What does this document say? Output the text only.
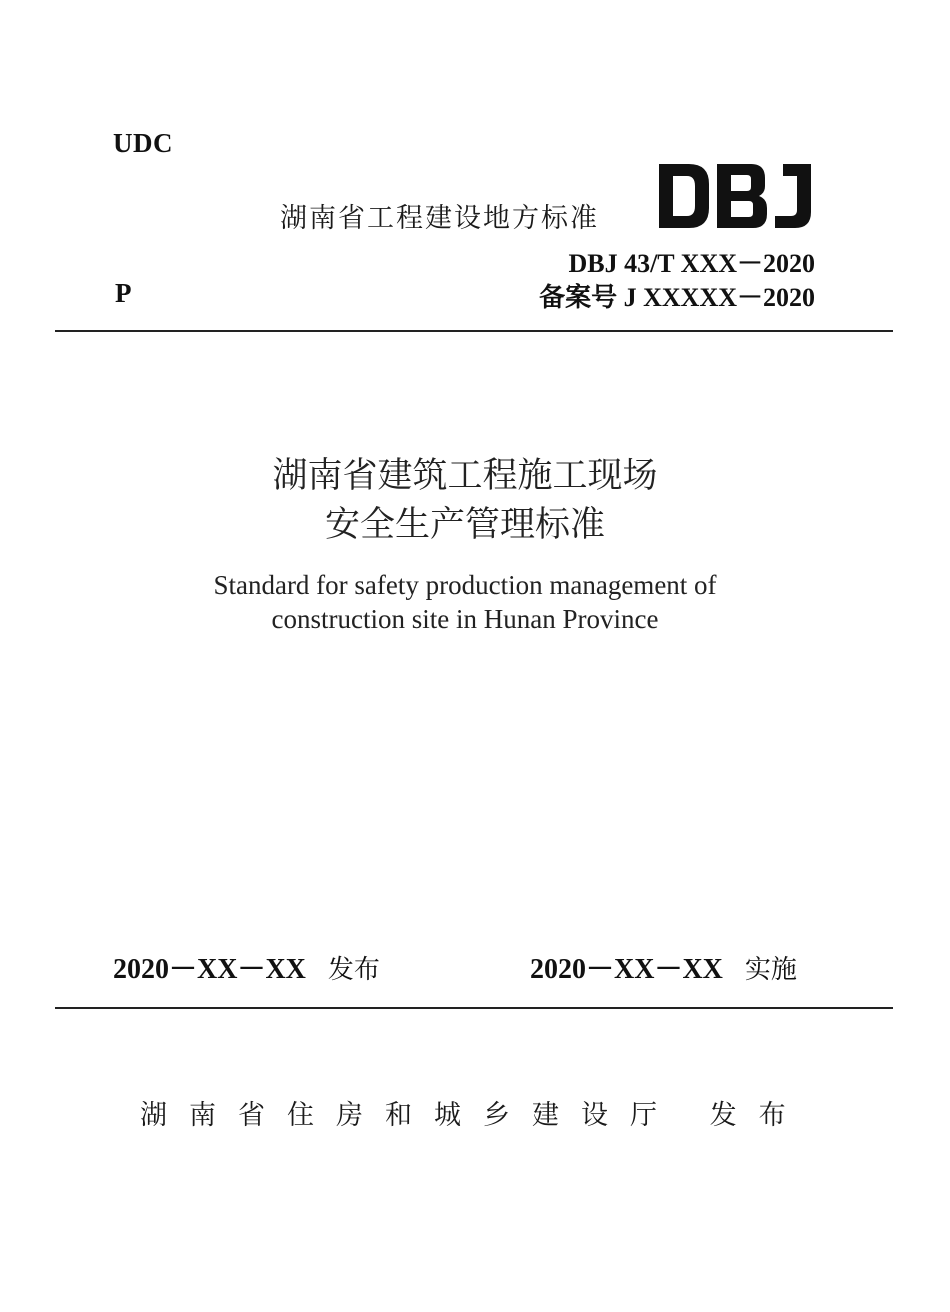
UDC
湖南省工程建设地方标准
DBJ 43/T XXX－2020
P	备案号 J XXXXX－2020
湖南省建筑工程施工现场
安全生产管理标准
Standard for safety production management of
construction site in Hunan Province
2020－XX－XX 发布	2020－XX－XX 实施
湖南省住房和城乡建设厅 发布
